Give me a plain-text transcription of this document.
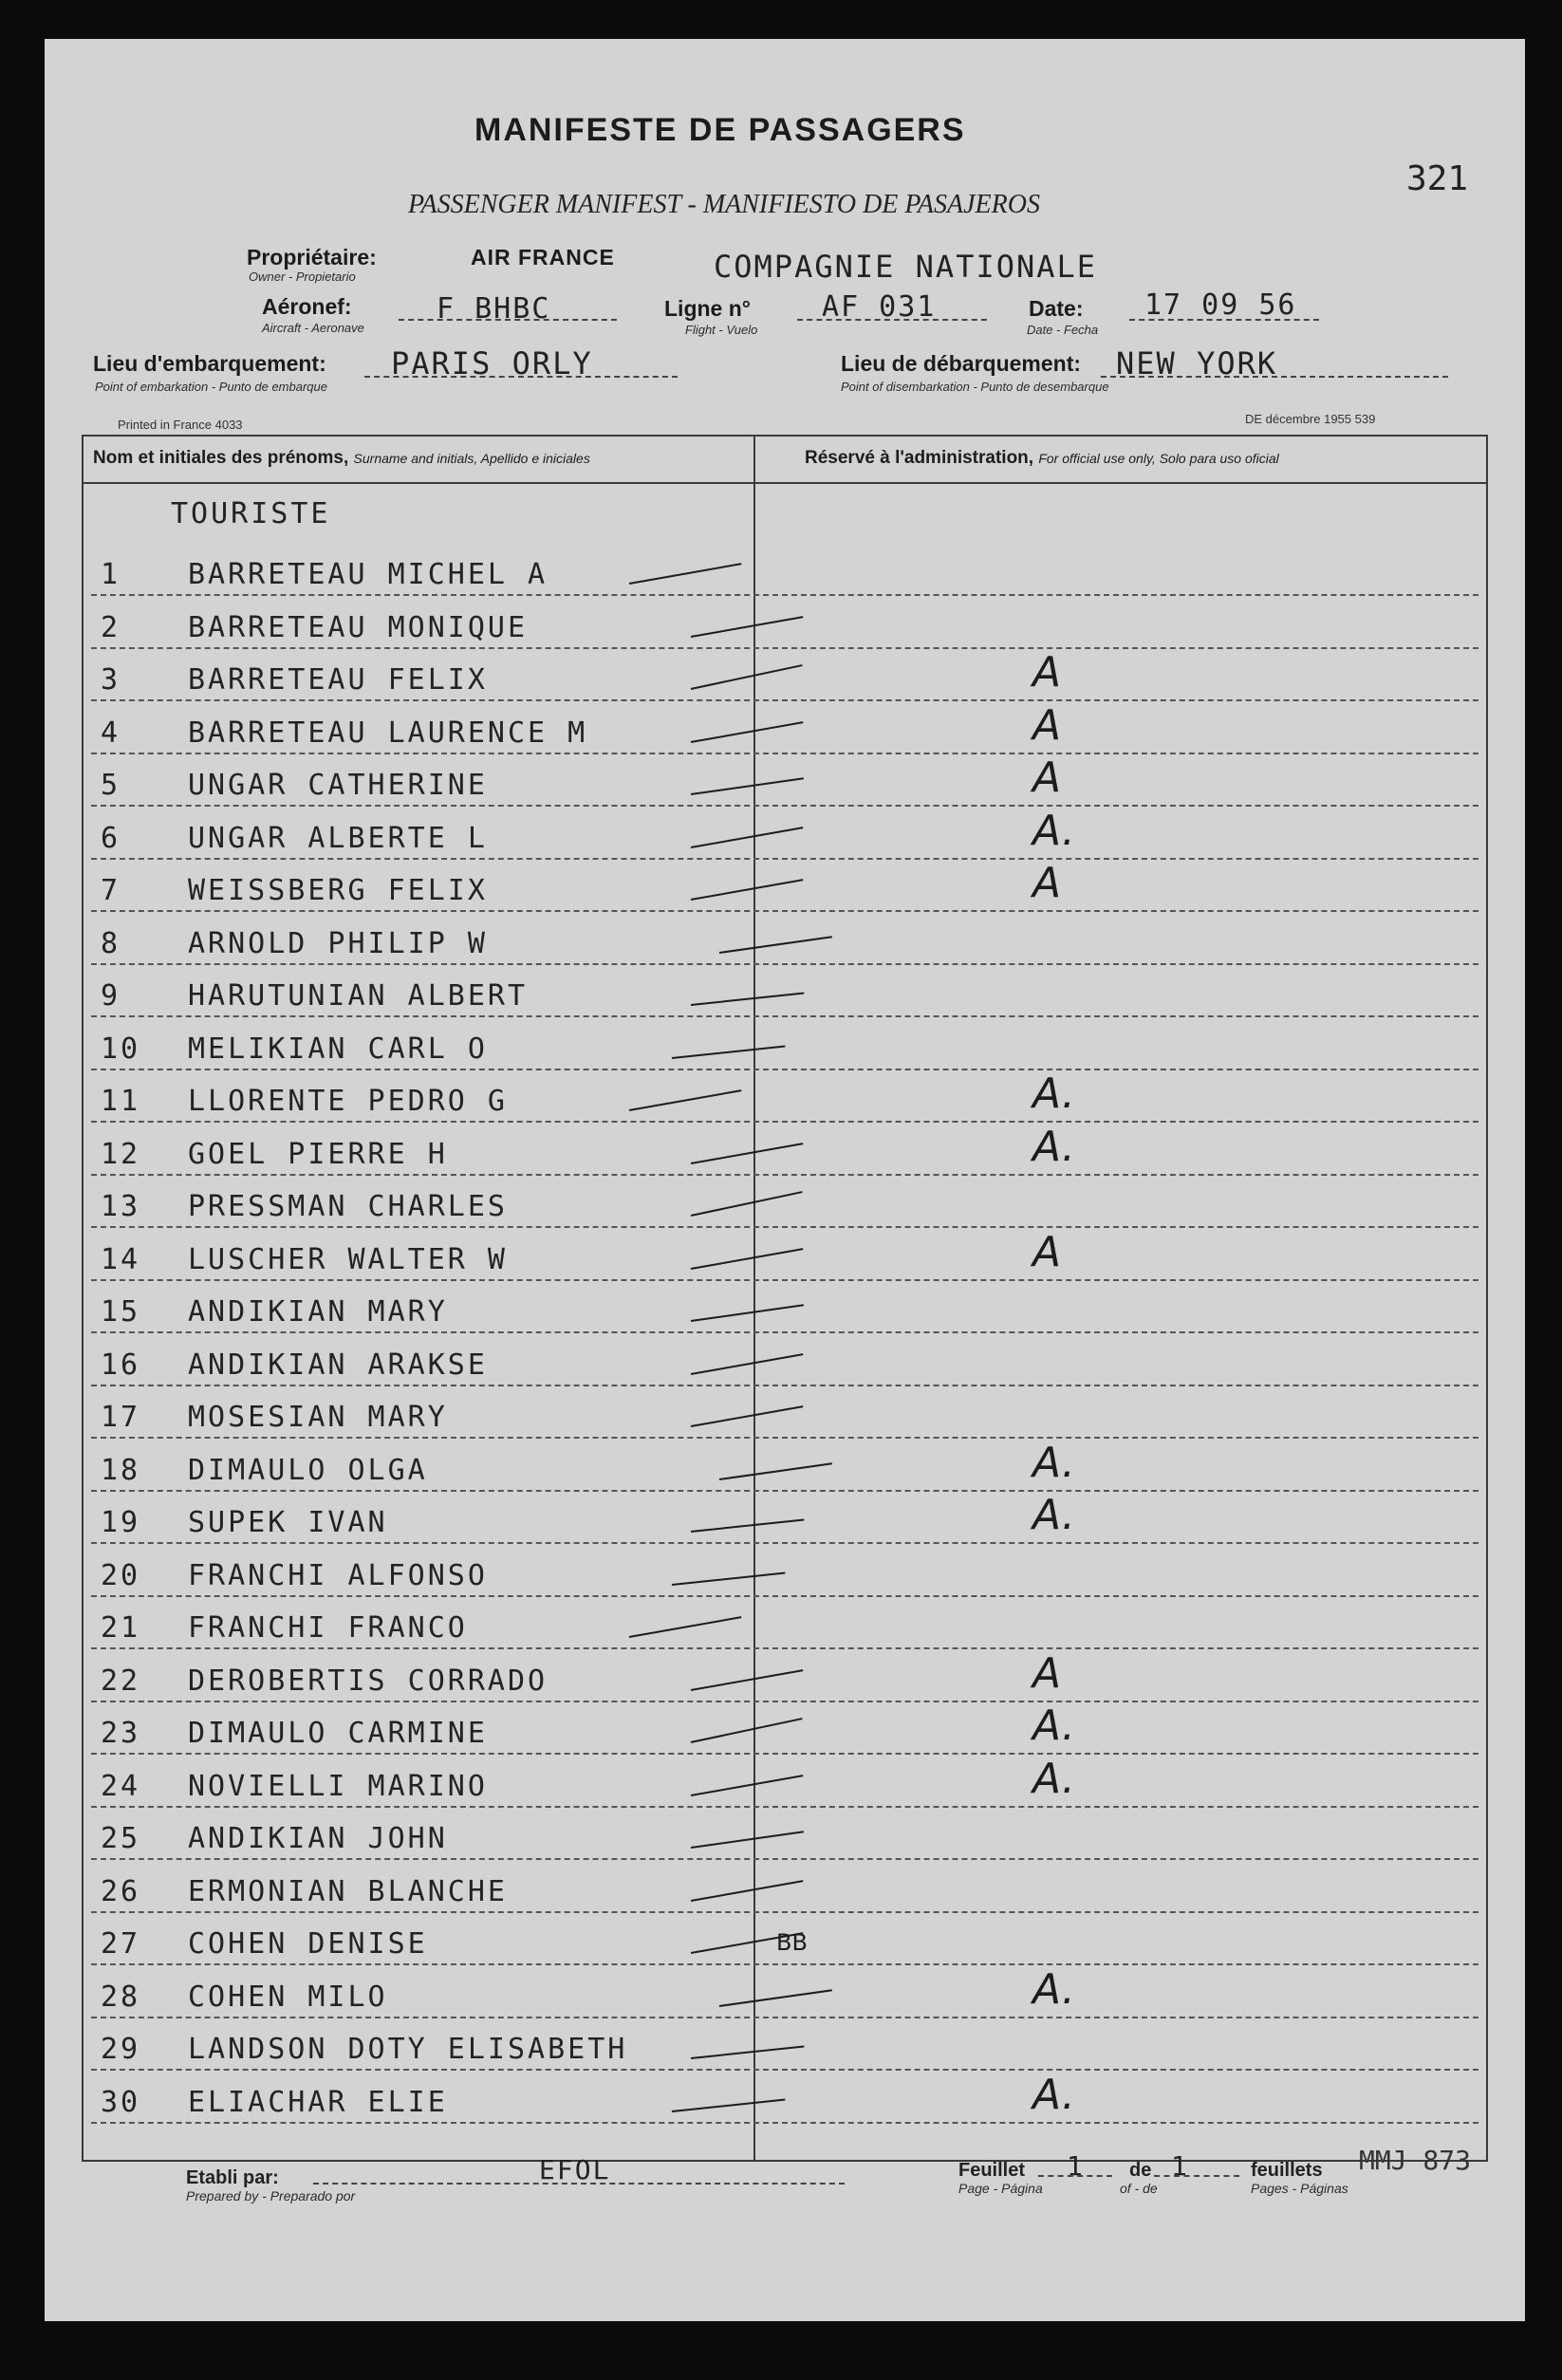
MANIFESTE DE PASSAGERS
PASSENGER MANIFEST - MANIFIESTO DE PASAJEROS
321
Propriétaire:
Owner - Propietario
AIR FRANCE	COMPAGNIE NATIONALE
Aéronef:
Aircraft - Aeronave
F BHBC	Ligne n°
Flight - Vuelo
AF 031	Date:
Date - Fecha
17 09 56
Lieu d'embarquement:
Point of embarkation - Punto de embarque
PARIS ORLY	Lieu de débarquement:
Point of disembarkation - Punto de desembarque
NEW YORK
Printed in France 4033	DE décembre 1955 539
Nom et initiales des prénoms, Surname and initials, Apellido e iniciales	Réservé à l'administration, For official use only, Solo para uso oficial
TOURISTE
1 BARRETEAU MICHEL A
2 BARRETEAU MONIQUE
3 BARRETEAU FELIX	A
4 BARRETEAU LAURENCE M	A
5 UNGAR CATHERINE	A
6 UNGAR ALBERTE L	A.
7 WEISSBERG FELIX	A
8 ARNOLD PHILIP W
9 HARUTUNIAN ALBERT
10 MELIKIAN CARL O
11 LLORENTE PEDRO G	A.
12 GOEL PIERRE H	A.
13 PRESSMAN CHARLES
14 LUSCHER WALTER W	A
15 ANDIKIAN MARY
16 ANDIKIAN ARAKSE
17 MOSESIAN MARY
18 DIMAULO OLGA	A.
19 SUPEK IVAN	A.
20 FRANCHI ALFONSO
21 FRANCHI FRANCO
22 DEROBERTIS CORRADO	A
23 DIMAULO CARMINE	A.
24 NOVIELLI MARINO	A.
25 ANDIKIAN JOHN
26 ERMONIAN BLANCHE
27 COHEN DENISE	BB
28 COHEN MILO	A.
29 LANDSON DOTY ELISABETH
30 ELIACHAR ELIE	A.
Etabli par:
Prepared by - Preparado por
EFOL	Feuillet
Page - Página
1 de
of - de
1	feuillets
Pages - Páginas
MMJ 873
